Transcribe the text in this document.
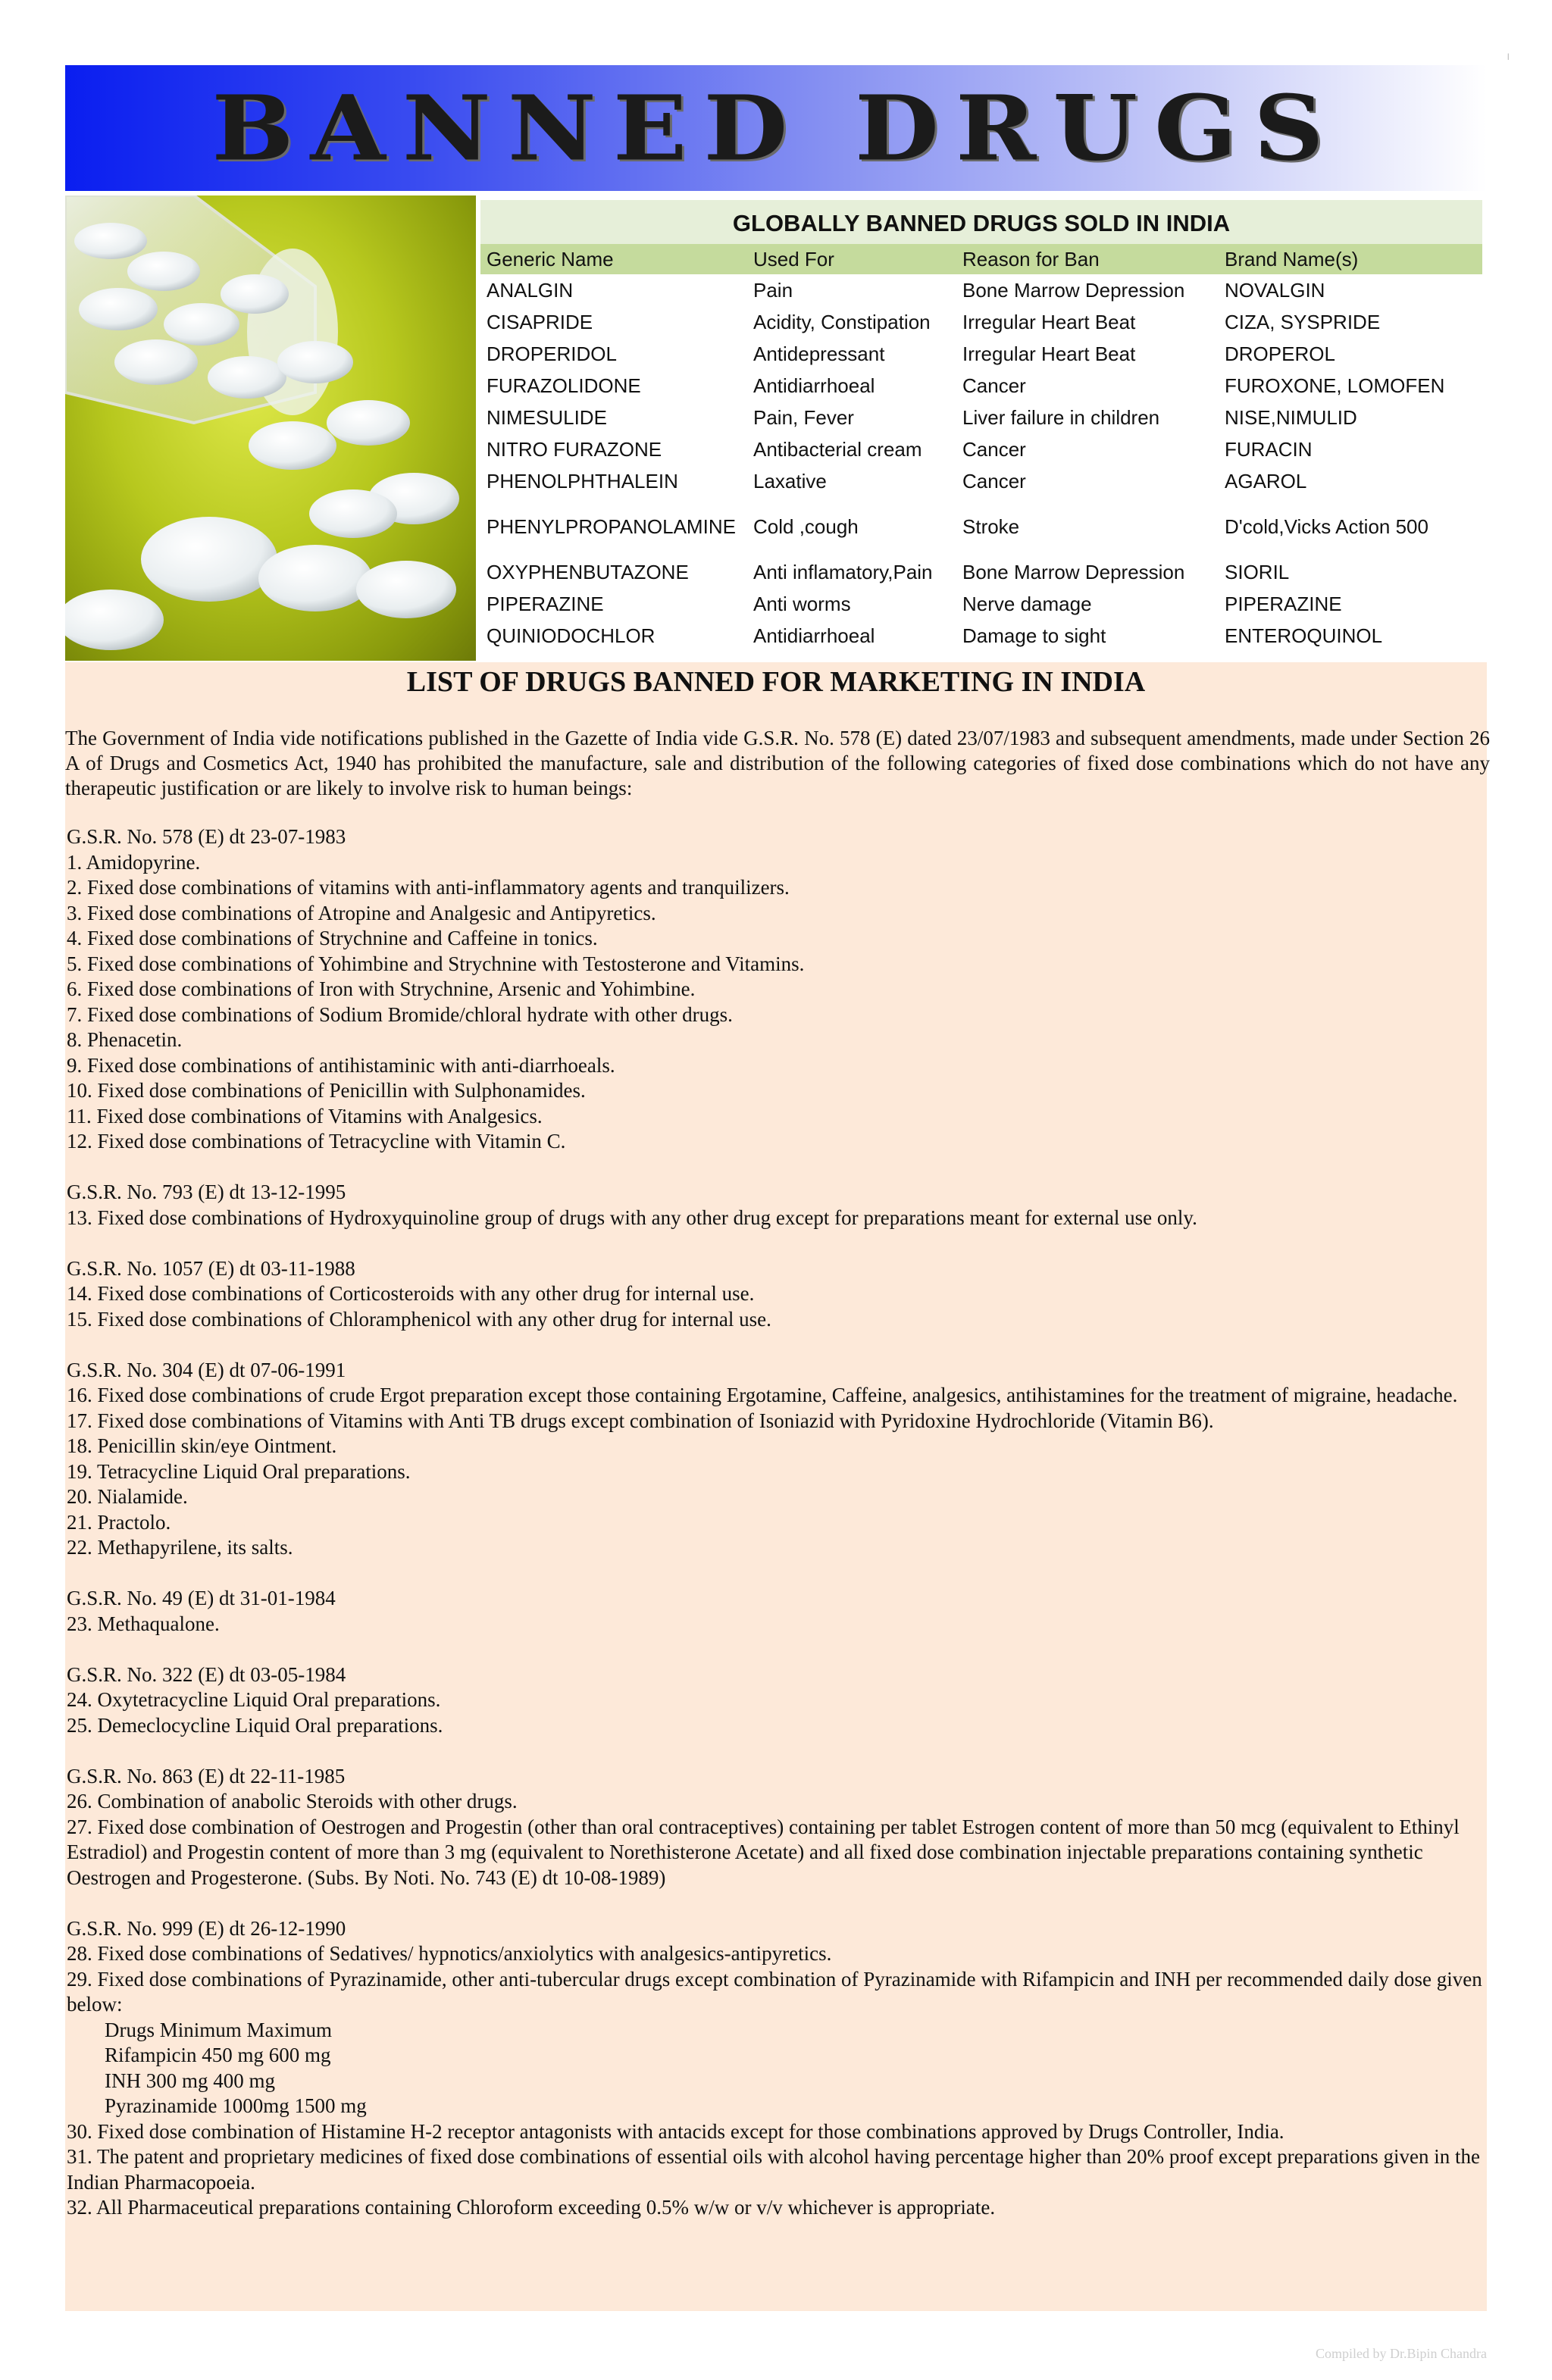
I
BANNED DRUGS
GLOBALLY BANNED DRUGS SOLD IN INDIA
Generic Name	Used For	Reason for Ban	Brand Name(s)
ANALGIN	Pain	Bone Marrow Depression	NOVALGIN
CISAPRIDE	Acidity, Constipation	Irregular Heart Beat	CIZA, SYSPRIDE
DROPERIDOL	Antidepressant	Irregular Heart Beat	DROPEROL
FURAZOLIDONE	Antidiarrhoeal	Cancer	FUROXONE, LOMOFEN
NIMESULIDE	Pain, Fever	Liver failure in children	NISE,NIMULID
NITRO FURAZONE	Antibacterial cream	Cancer	FURACIN
PHENOLPHTHALEIN	Laxative	Cancer	AGAROL
PHENYLPROPANOLAMINE Cold ,cough	Stroke	D'cold,Vicks Action 500
OXYPHENBUTAZONE	Anti inflamatory,Pain	Bone Marrow Depression	SIORIL
PIPERAZINE	Anti worms	Nerve damage	PIPERAZINE
QUINIODOCHLOR	Antidiarrhoeal	Damage to sight	ENTEROQUINOL
LIST OF DRUGS BANNED FOR MARKETING IN INDIA
The Government of India vide notifications published in the Gazette of India vide G.S.R. No. 578 (E) dated 23/07/1983 and subsequent amendments, made under Section 26 A of Drugs and Cosmetics Act, 1940 has prohibited the manufacture, sale and distribution of the following categories of fixed dose combinations which do not have any therapeutic justification or are likely to involve risk to human beings:

G.S.R. No. 578 (E) dt 23-07-1983

1. Amidopyrine.

2. Fixed dose combinations of vitamins with anti-inflammatory agents and tranquilizers.

3. Fixed dose combinations of Atropine and Analgesic and Antipyretics.

4. Fixed dose combinations of Strychnine and Caffeine in tonics.

5. Fixed dose combinations of Yohimbine and Strychnine with Testosterone and Vitamins.

6. Fixed dose combinations of Iron with Strychnine, Arsenic and Yohimbine.

7. Fixed dose combinations of Sodium Bromide/chloral hydrate with other drugs.

8. Phenacetin.

9. Fixed dose combinations of antihistaminic with anti-diarrhoeals.

10. Fixed dose combinations of Penicillin with Sulphonamides.

11. Fixed dose combinations of Vitamins with Analgesics.

12. Fixed dose combinations of Tetracycline with Vitamin C.

G.S.R. No. 793 (E) dt 13-12-1995

13. Fixed dose combinations of Hydroxyquinoline group of drugs with any other drug except for preparations meant for external use only.

G.S.R. No. 1057 (E) dt 03-11-1988

14. Fixed dose combinations of Corticosteroids with any other drug for internal use.

15. Fixed dose combinations of Chloramphenicol with any other drug for internal use.

G.S.R. No. 304 (E) dt 07-06-1991

16. Fixed dose combinations of crude Ergot preparation except those containing Ergotamine, Caffeine, analgesics, antihistamines for the treatment of migraine, headache.

17. Fixed dose combinations of Vitamins with Anti TB drugs except combination of Isoniazid with Pyridoxine Hydrochloride (Vitamin B6).

18. Penicillin skin/eye Ointment.

19. Tetracycline Liquid Oral preparations.

20. Nialamide.

21. Practolo.

22. Methapyrilene, its salts.

G.S.R. No. 49 (E) dt 31-01-1984

23. Methaqualone.

G.S.R. No. 322 (E) dt 03-05-1984

24. Oxytetracycline Liquid Oral preparations.

25. Demeclocycline Liquid Oral preparations.

G.S.R. No. 863 (E) dt 22-11-1985

26. Combination of anabolic Steroids with other drugs.

27. Fixed dose combination of Oestrogen and Progestin (other than oral contraceptives) containing per tablet Estrogen content of more than 50 mcg (equivalent to Ethinyl Estradiol) and Progestin content of more than 3 mg (equivalent to Norethisterone Acetate) and all fixed dose combination injectable preparations containing synthetic Oestrogen and Progesterone. (Subs. By Noti. No. 743 (E) dt 10-08-1989)

G.S.R. No. 999 (E) dt 26-12-1990

28. Fixed dose combinations of Sedatives/ hypnotics/anxiolytics with analgesics-antipyretics.

29. Fixed dose combinations of Pyrazinamide, other anti-tubercular drugs except combination of Pyrazinamide with Rifampicin and INH per recommended daily dose given below:

Drugs Minimum Maximum

Rifampicin 450 mg 600 mg

INH 300 mg 400 mg

Pyrazinamide 1000mg 1500 mg

30. Fixed dose combination of Histamine H-2 receptor antagonists with antacids except for those combinations approved by Drugs Controller, India.

31. The patent and proprietary medicines of fixed dose combinations of essential oils with alcohol having percentage higher than 20% proof except preparations given in the Indian Pharmacopoeia.

32. All Pharmaceutical preparations containing Chloroform exceeding 0.5% w/w or v/v whichever is appropriate.

Compiled by Dr.Bipin Chandra
